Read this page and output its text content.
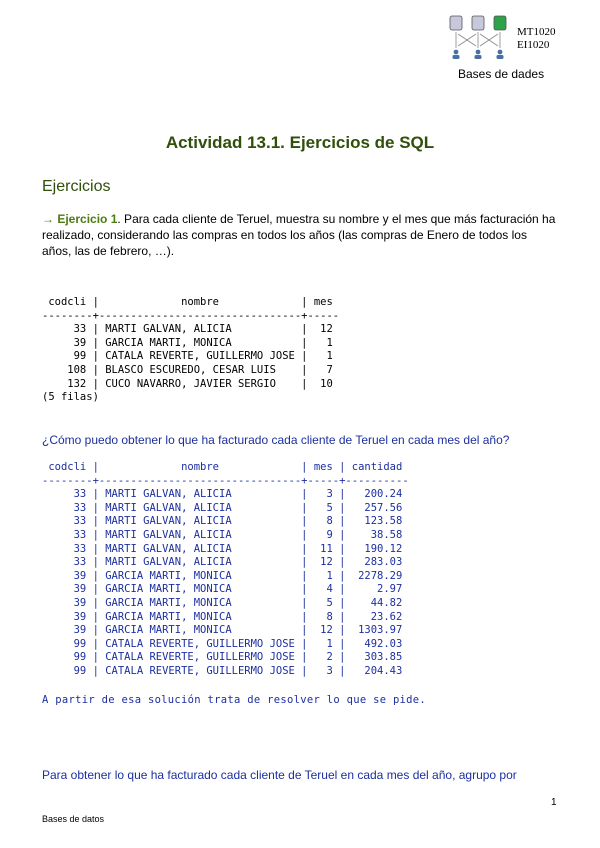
MT1020
EI1020
Bases de dades
Actividad 13.1. Ejercicios de SQL
Ejercicios
→ Ejercicio 1. Para cada cliente de Teruel, muestra su nombre y el mes que más facturación ha realizado, considerando las compras en todos los años (las compras de Enero de todos los años, las de febrero, …).
codcli |             nombre             | mes
--------+--------------------------------+-----
33 | MARTI GALVAN, ALICIA           |  12
39 | GARCIA MARTI, MONICA           |   1
99 | CATALA REVERTE, GUILLERMO JOSE |   1
108 | BLASCO ESCUREDO, CESAR LUIS    |   7
132 | CUCO NAVARRO, JAVIER SERGIO    |  10
(5 filas)
¿Cómo puedo obtener lo que ha facturado cada cliente de Teruel en cada mes del año?
codcli |             nombre             | mes | cantidad
--------+--------------------------------+-----+----------
33 | MARTI GALVAN, ALICIA           |   3 |   200.24
33 | MARTI GALVAN, ALICIA           |   5 |   257.56
33 | MARTI GALVAN, ALICIA           |   8 |   123.58
33 | MARTI GALVAN, ALICIA           |   9 |    38.58
33 | MARTI GALVAN, ALICIA           |  11 |   190.12
33 | MARTI GALVAN, ALICIA           |  12 |   283.03
39 | GARCIA MARTI, MONICA           |   1 |  2278.29
39 | GARCIA MARTI, MONICA           |   4 |     2.97
39 | GARCIA MARTI, MONICA           |   5 |    44.82
39 | GARCIA MARTI, MONICA           |   8 |    23.62
39 | GARCIA MARTI, MONICA           |  12 |  1303.97
99 | CATALA REVERTE, GUILLERMO JOSE |   1 |   492.03
99 | CATALA REVERTE, GUILLERMO JOSE |   2 |   303.85
99 | CATALA REVERTE, GUILLERMO JOSE |   3 |   204.43
A partir de esa solución trata de resolver lo que se pide.
Para obtener lo que ha facturado cada cliente de Teruel en cada mes del año, agrupo por
1
Bases de datos
